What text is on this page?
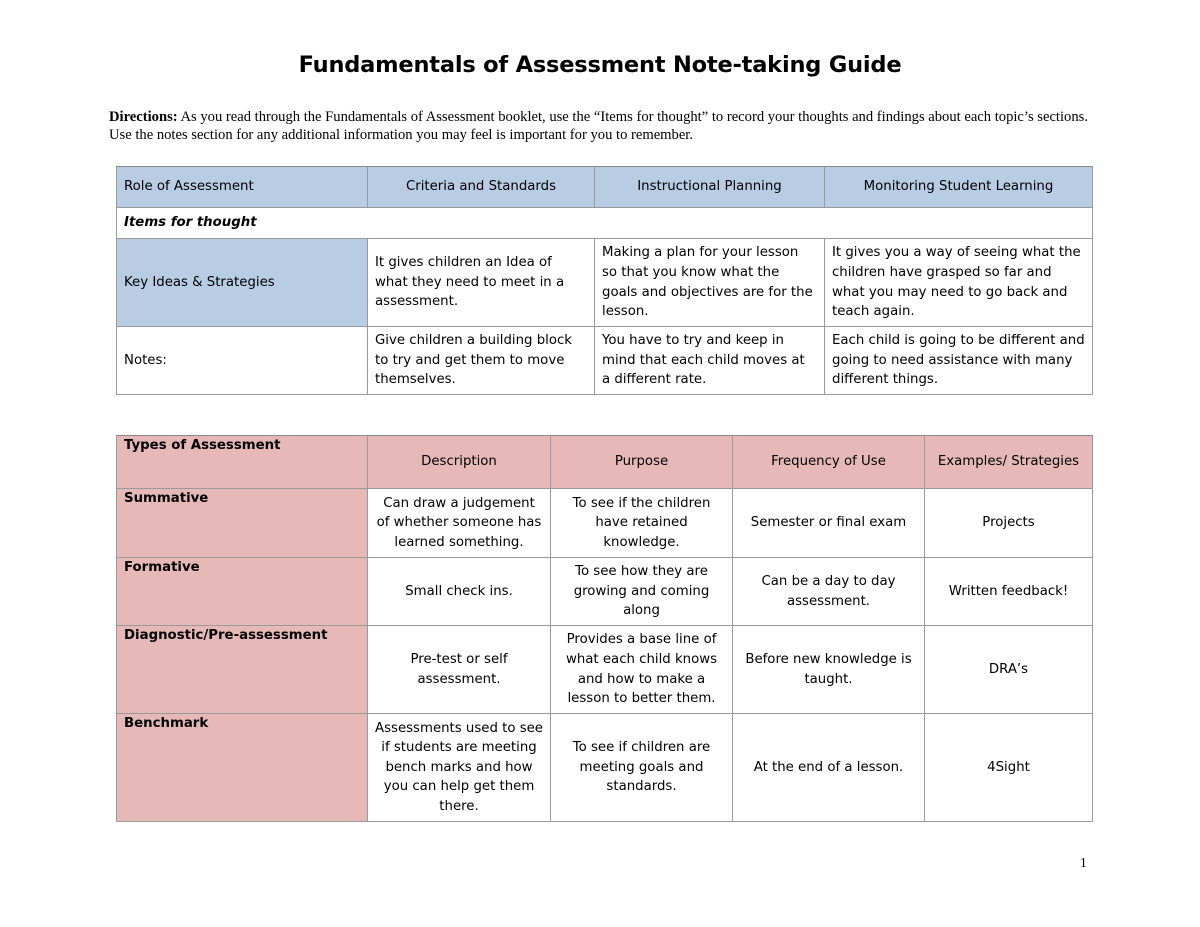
Fundamentals of Assessment Note-taking Guide
Directions: As you read through the Fundamentals of Assessment booklet, use the “Items for thought” to record your thoughts and findings about each topic’s sections. Use the notes section for any additional information you may feel is important for you to remember.
Role of Assessment	Criteria and Standards	Instructional Planning	Monitoring Student Learning
Items for thought			
Key Ideas & Strategies	It gives children an Idea of what they need to meet in a assessment.	Making a plan for your lesson so that you know what the goals and objectives are for the lesson.	It gives you a way of seeing what the children have grasped so far and what you may need to go back and teach again.
Notes:	Give children a building block to try and get them to move themselves.	You have to try and keep in mind that each child moves at a different rate.	Each child is going to be different and going to need assistance with many different things.
Types of Assessment	Description	Purpose	Frequency of Use	Examples/ Strategies
Summative	Can draw a judgement of whether someone has learned something.	To see if the children have retained knowledge.	Semester or final exam	Projects
Formative	Small check ins.	To see how they are growing and coming along	Can be a day to day assessment.	Written feedback!
Diagnostic/Pre-assessment	Pre-test or self assessment.	Provides a base line of what each child knows and how to make a lesson to better them.	Before new knowledge is taught.	DRA’s
Benchmark	Assessments used to see if students are meeting bench marks and how you can help get them there.	To see if children are meeting goals and standards.	At the end of a lesson.	4Sight
1
